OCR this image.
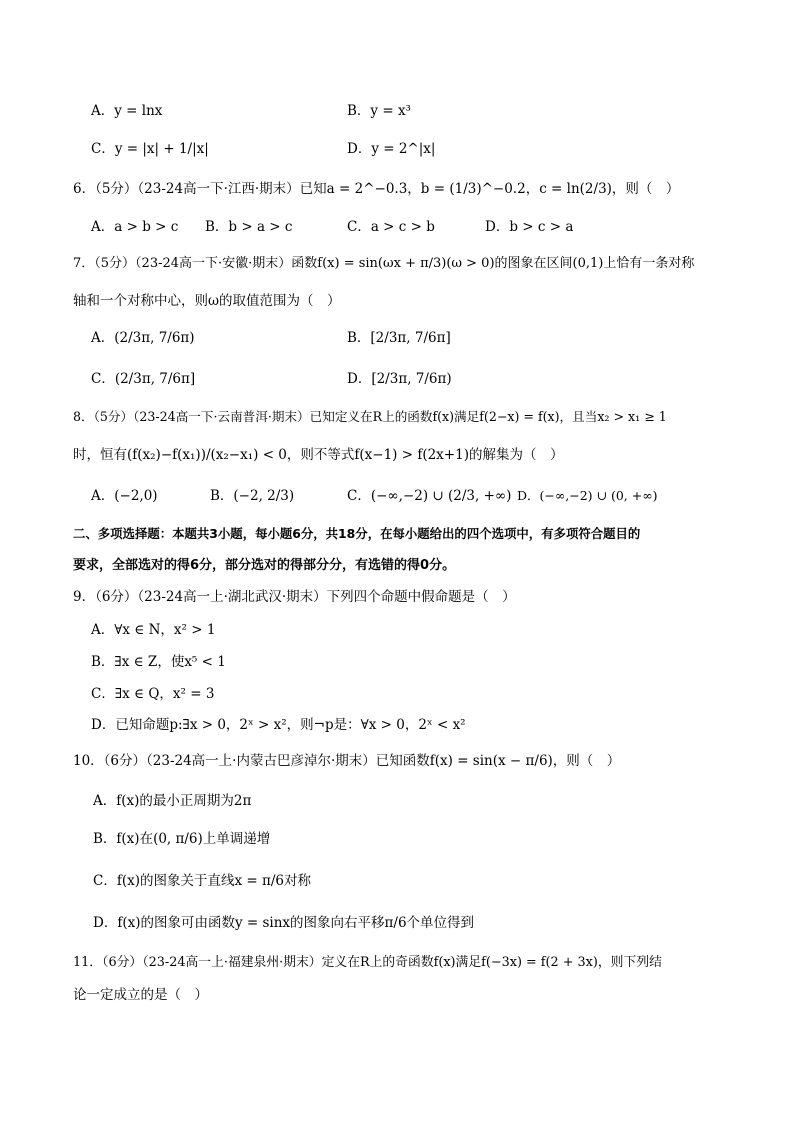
A．y = lnx	B．y = x³
C．y = |x| + 1/|x|	D．y = 2^|x|
6．（5分）（23-24高一下·江西·期末）已知a = 2^−0.3，b = (1/3)^−0.2，c = ln(2/3)，则（　）
A．a > b > c B．b > a > c	C．a > c > b	D．b > c > a
7．（5分）（23-24高一下·安徽·期末）函数f(x) = sin(ωx + π/3)(ω > 0)的图象在区间(0,1)上恰有一条对称
轴和一个对称中心，则ω的取值范围为（　）
A．(2/3π, 7/6π)	B．[2/3π, 7/6π]
C．(2/3π, 7/6π]	D．[2/3π, 7/6π)
8．（5分）（23-24高一下·云南普洱·期末）已知定义在R上的函数f(x)满足f(2−x) = f(x)，且当x₂ > x₁ ≥ 1
时，恒有(f(x₂)−f(x₁))/(x₂−x₁) < 0，则不等式f(x−1) > f(2x+1)的解集为（　）
A．(−2,0)	B．(−2, 2/3)	C．(−∞,−2) ∪ (2/3, +∞) D．(−∞,−2) ∪ (0, +∞)
二、多项选择题：本题共3小题，每小题6分，共18分，在每小题给出的四个选项中，有多项符合题目的
要求，全部选对的得6分，部分选对的得部分分，有选错的得0分。
9．（6分）（23-24高一上·湖北武汉·期末）下列四个命题中假命题是（　）
A．∀x ∈ N，x² > 1
B．∃x ∈ Z，使x⁵ < 1
C．∃x ∈ Q，x² = 3
D．已知命题p:∃x > 0，2ˣ > x²，则¬p是：∀x > 0，2ˣ < x²
10．（6分）（23-24高一上·内蒙古巴彦淖尔·期末）已知函数f(x) = sin(x − π/6)，则（　）
A．f(x)的最小正周期为2π
B．f(x)在(0, π/6)上单调递增
C．f(x)的图象关于直线x = π/6对称
D．f(x)的图象可由函数y = sinx的图象向右平移π/6个单位得到
11．（6分）（23-24高一上·福建泉州·期末）定义在R上的奇函数f(x)满足f(−3x) = f(2 + 3x)，则下列结
论一定成立的是（　）
